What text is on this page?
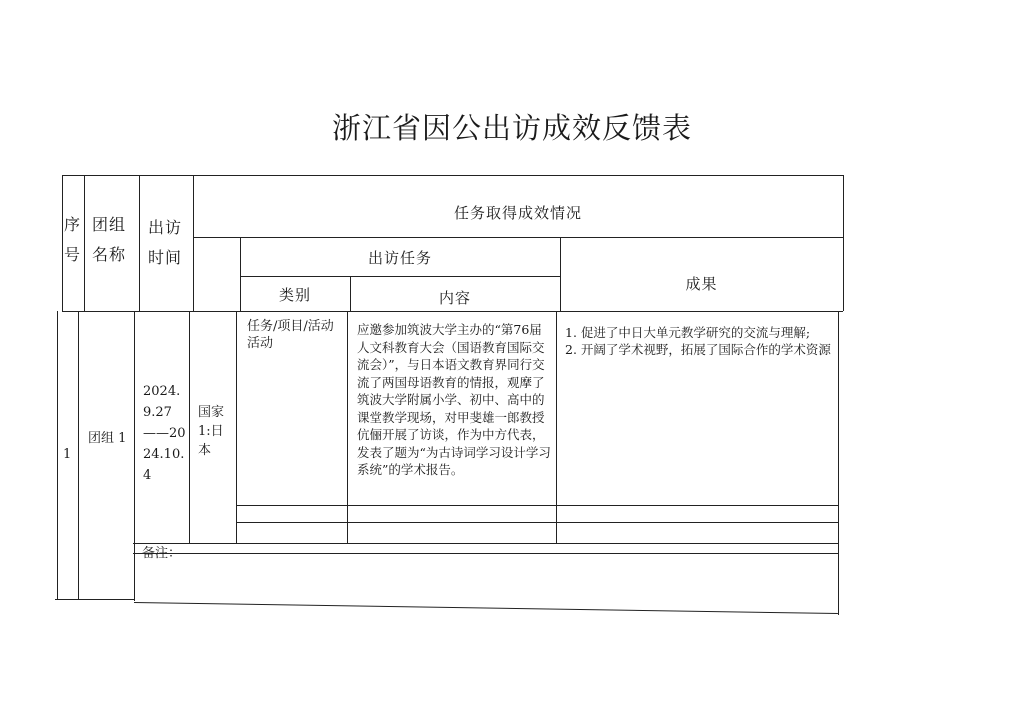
浙江省因公出访成效反馈表
序号
团组名称
出访时间
任务取得成效情况
出访任务
类别	内容
成果
1
团组 1
2024.9.27——2024.10.4
国家1:日本
任务/项目/活动活动
应邀参加筑波大学主办的“第76届人文科教育大会（国语教育国际交流会）”，与日本语文教育界同行交流了两国母语教育的情报，观摩了筑波大学附属小学、初中、高中的课堂教学现场，对甲斐雄一郎教授伉俪开展了访谈，作为中方代表，发表了题为“为古诗词学习设计学习系统”的学术报告。
1. 促进了中日大单元教学研究的交流与理解;
2. 开阔了学术视野，拓展了国际合作的学术资源
备注：
